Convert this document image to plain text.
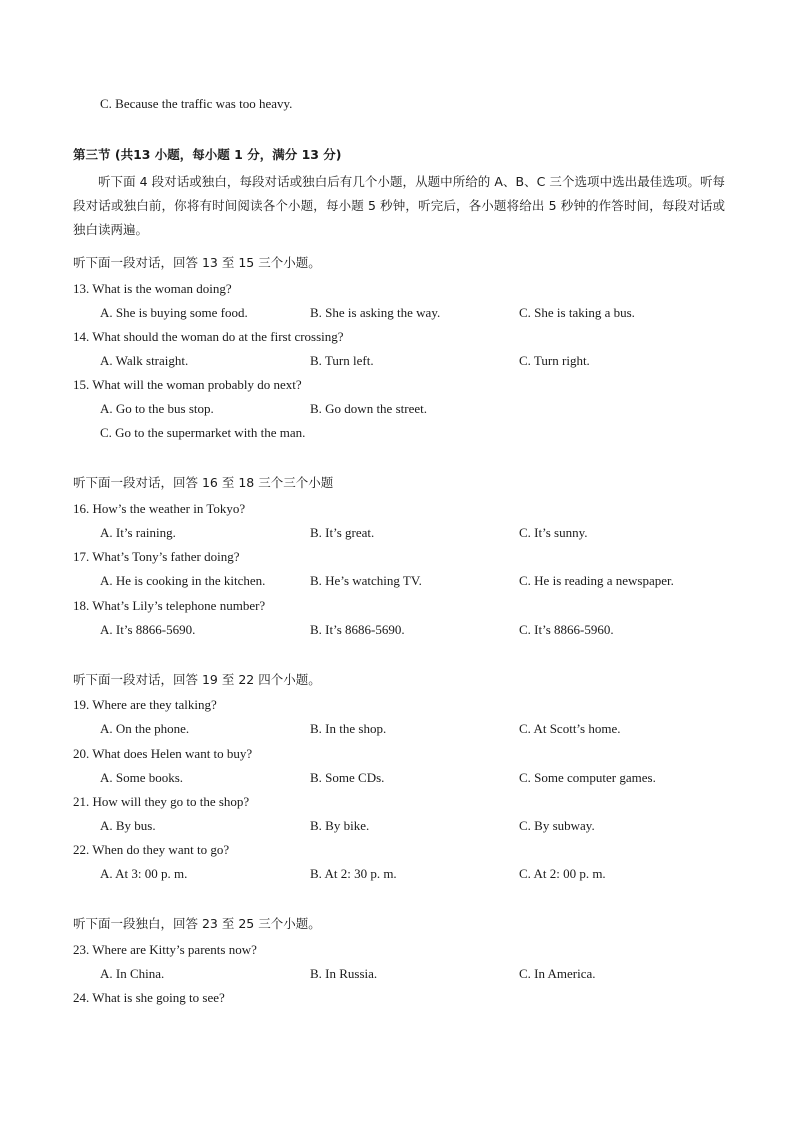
C. Because the traffic was too heavy.
第三节 (共13 小题，每小题 1 分，满分 13 分)
听下面 4 段对话或独白，每段对话或独白后有几个小题，从题中所给的 A、B、C 三个选项中选出最佳选项。听每段对话或独白前，你将有时间阅读各个小题，每小题 5 秒钟，听完后，各小题将给出 5 秒钟的作答时间，每段对话或独白读两遍。
听下面一段对话，回答 13 至 15 三个小题。
13. What is the woman doing?
A. She is buying some food.	B. She is asking the way.	C. She is taking a bus.
14. What should the woman do at the first crossing?
A. Walk straight.	B. Turn left.	C. Turn right.
15. What will the woman probably do next?
A. Go to the bus stop.	B. Go down the street.
C. Go to the supermarket with the man.
听下面一段对话，回答 16 至 18 三个三个小题
16. How’s the weather in Tokyo?
A. It’s raining.	B. It’s great.	C. It’s sunny.
17. What’s Tony’s father doing?
A. He is cooking in the kitchen.	B. He’s watching TV.	C. He is reading a newspaper.
18. What’s Lily’s telephone number?
A. It’s 8866-5690.	B. It’s 8686-5690.	C. It’s 8866-5960.
听下面一段对话，回答 19 至 22 四个小题。
19. Where are they talking?
A. On the phone.	B. In the shop.	C. At Scott’s home.
20. What does Helen want to buy?
A. Some books.	B. Some CDs.	C. Some computer games.
21. How will they go to the shop?
A. By bus.	B. By bike.	C. By subway.
22. When do they want to go?
A. At 3: 00 p. m.	B. At 2: 30 p. m.	C. At 2: 00 p. m.
听下面一段独白，回答 23 至 25 三个小题。
23. Where are Kitty’s parents now?
A. In China.	B. In Russia.	C. In America.
24. What is she going to see?
